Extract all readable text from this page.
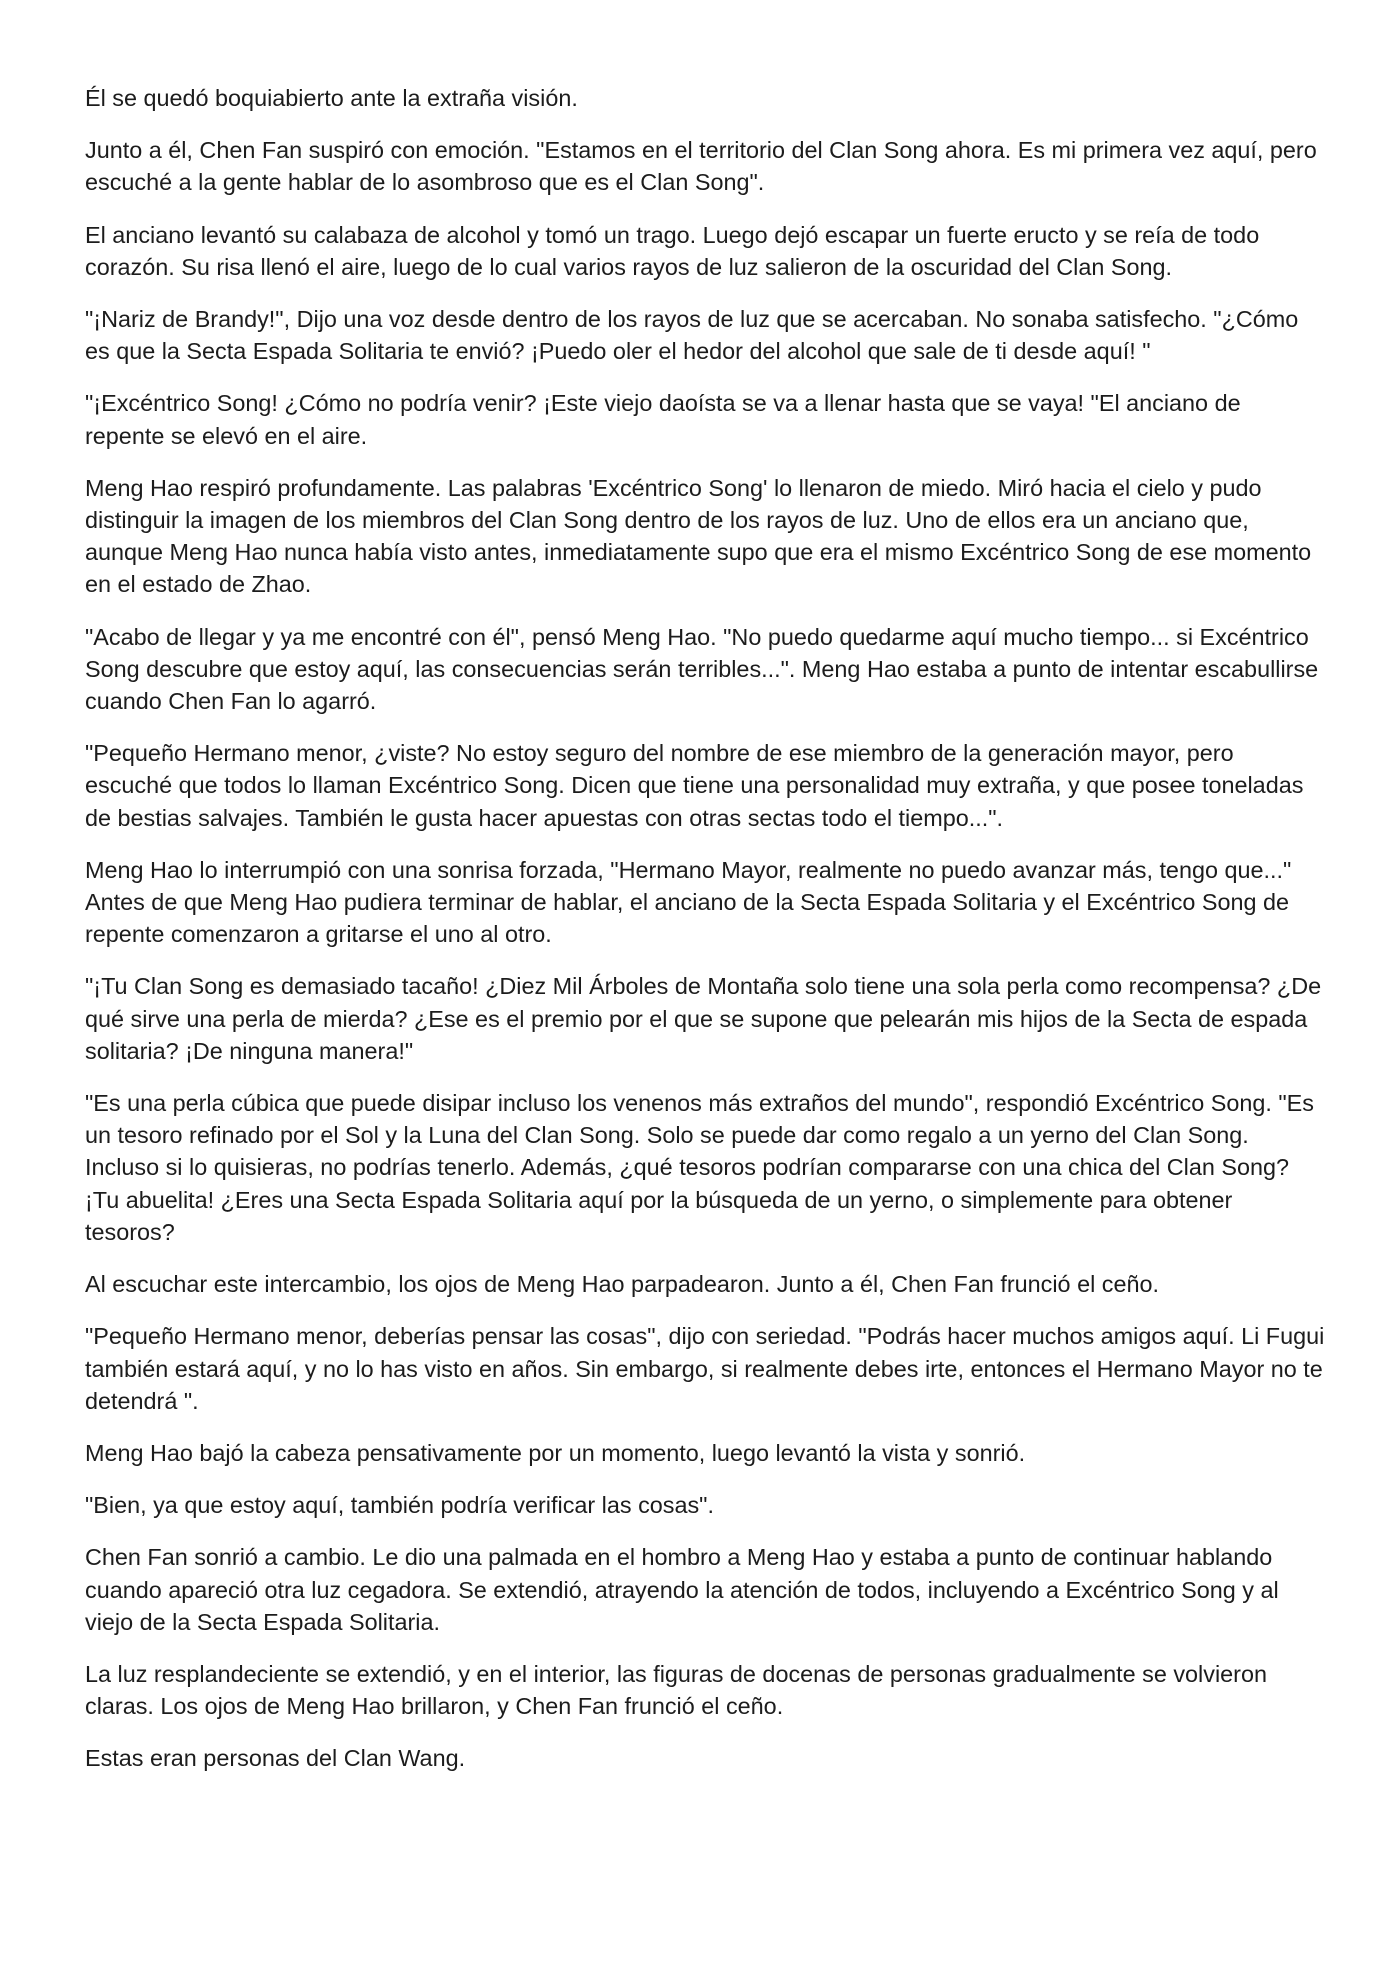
Él se quedó boquiabierto ante la extraña visión.

Junto a él, Chen Fan suspiró con emoción. "Estamos en el territorio del Clan Song ahora. Es mi primera vez aquí, pero escuché a la gente hablar de lo asombroso que es el Clan Song".

El anciano levantó su calabaza de alcohol y tomó un trago. Luego dejó escapar un fuerte eructo y se reía de todo corazón. Su risa llenó el aire, luego de lo cual varios rayos de luz salieron de la oscuridad del Clan Song.

"¡Nariz de Brandy!", Dijo una voz desde dentro de los rayos de luz que se acercaban. No sonaba satisfecho. "¿Cómo es que la Secta Espada Solitaria te envió? ¡Puedo oler el hedor del alcohol que sale de ti desde aquí! "

"¡Excéntrico Song! ¿Cómo no podría venir? ¡Este viejo daoísta se va a llenar hasta que se vaya! "El anciano de repente se elevó en el aire.

Meng Hao respiró profundamente. Las palabras 'Excéntrico Song' lo llenaron de miedo. Miró hacia el cielo y pudo distinguir la imagen de los miembros del Clan Song dentro de los rayos de luz. Uno de ellos era un anciano que, aunque Meng Hao nunca había visto antes, inmediatamente supo que era el mismo Excéntrico Song de ese momento en el estado de Zhao.

"Acabo de llegar y ya me encontré con él", pensó Meng Hao. "No puedo quedarme aquí mucho tiempo... si Excéntrico Song descubre que estoy aquí, las consecuencias serán terribles...". Meng Hao estaba a punto de intentar escabullirse cuando Chen Fan lo agarró.

"Pequeño Hermano menor, ¿viste? No estoy seguro del nombre de ese miembro de la generación mayor, pero escuché que todos lo llaman Excéntrico Song. Dicen que tiene una personalidad muy extraña, y que posee toneladas de bestias salvajes. También le gusta hacer apuestas con otras sectas todo el tiempo...".

Meng Hao lo interrumpió con una sonrisa forzada, "Hermano Mayor, realmente no puedo avanzar más, tengo que..." Antes de que Meng Hao pudiera terminar de hablar, el anciano de la Secta Espada Solitaria y el Excéntrico Song de repente comenzaron a gritarse el uno al otro.

"¡Tu Clan Song es demasiado tacaño! ¿Diez Mil Árboles de Montaña solo tiene una sola perla como recompensa? ¿De qué sirve una perla de mierda? ¿Ese es el premio por el que se supone que pelearán mis hijos de la Secta de espada solitaria? ¡De ninguna manera!"

"Es una perla cúbica que puede disipar incluso los venenos más extraños del mundo", respondió Excéntrico Song. "Es un tesoro refinado por el Sol y la Luna del Clan Song. Solo se puede dar como regalo a un yerno del Clan Song. Incluso si lo quisieras, no podrías tenerlo. Además, ¿qué tesoros podrían compararse con una chica del Clan Song? ¡Tu abuelita! ¿Eres una Secta Espada Solitaria aquí por la búsqueda de un yerno, o simplemente para obtener tesoros?

Al escuchar este intercambio, los ojos de Meng Hao parpadearon. Junto a él, Chen Fan frunció el ceño.

"Pequeño Hermano menor, deberías pensar las cosas", dijo con seriedad. "Podrás hacer muchos amigos aquí. Li Fugui también estará aquí, y no lo has visto en años. Sin embargo, si realmente debes irte, entonces el Hermano Mayor no te detendrá ".

Meng Hao bajó la cabeza pensativamente por un momento, luego levantó la vista y sonrió.

"Bien, ya que estoy aquí, también podría verificar las cosas".

Chen Fan sonrió a cambio. Le dio una palmada en el hombro a Meng Hao y estaba a punto de continuar hablando cuando apareció otra luz cegadora. Se extendió, atrayendo la atención de todos, incluyendo a Excéntrico Song y al viejo de la Secta Espada Solitaria.

La luz resplandeciente se extendió, y en el interior, las figuras de docenas de personas gradualmente se volvieron claras. Los ojos de Meng Hao brillaron, y Chen Fan frunció el ceño.

Estas eran personas del Clan Wang.
